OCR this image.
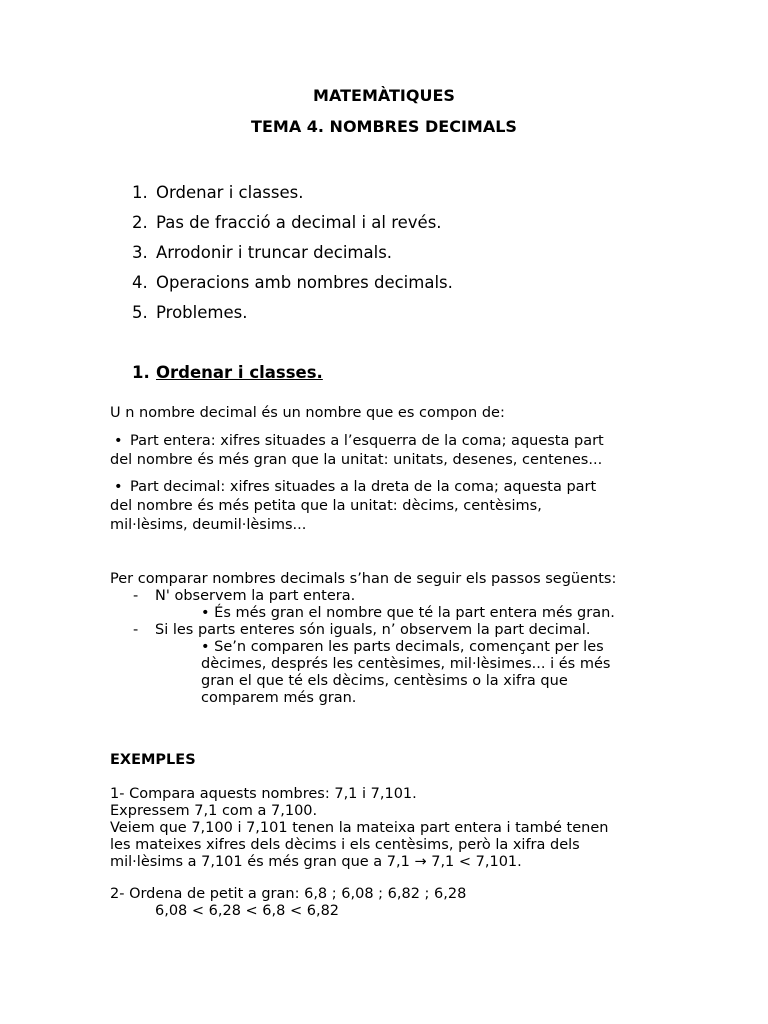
MATEMÀTIQUES
TEMA 4. NOMBRES DECIMALS
1. Ordenar i classes.
2. Pas de fracció a decimal i al revés.
3. Arrodonir i truncar decimals.
4. Operacions amb nombres decimals.
5. Problemes.
1. Ordenar i classes.
U n nombre decimal és un nombre que es compon de:
• Part entera: xifres situades a l’esquerra de la coma; aquesta part
del nombre és més gran que la unitat: unitats, desenes, centenes...
• Part decimal: xifres situades a la dreta de la coma; aquesta part
del nombre és més petita que la unitat: dècims, centèsims,
mil·lèsims, deumil·lèsims...
Per comparar nombres decimals s’han de seguir els passos següents:
- N' observem la part entera.
• És més gran el nombre que té la part entera més gran.
- Si les parts enteres són iguals, n’ observem la part decimal.
• Se’n comparen les parts decimals, començant per les
dècimes, després les centèsimes, mil·lèsimes... i és més
gran el que té els dècims, centèsims o la xifra que
comparem més gran.
EXEMPLES
1- Compara aquests nombres: 7,1 i 7,101.
Expressem 7,1 com a 7,100.
Veiem que 7,100 i 7,101 tenen la mateixa part entera i també tenen
les mateixes xifres dels dècims i els centèsims, però la xifra dels
mil·lèsims a 7,101 és més gran que a 7,1 → 7,1 < 7,101.
2- Ordena de petit a gran: 6,8 ; 6,08 ; 6,82 ; 6,28
6,08 < 6,28 < 6,8 < 6,82
